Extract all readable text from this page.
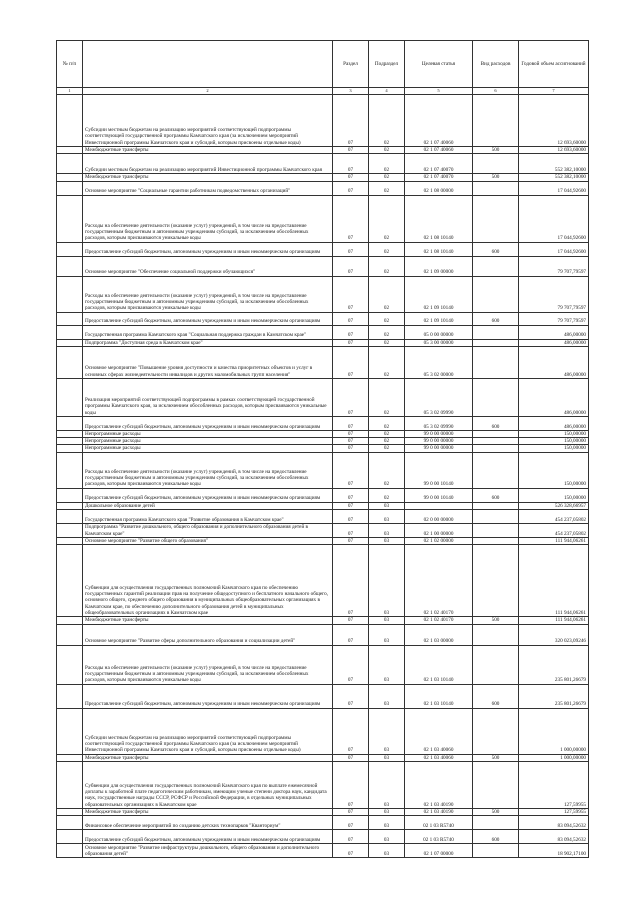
№ п/п		Раздел	Подраздел	Целевая статья	Вид расходов	Годовой объем ассигнований
1	2	3	4	5	6	7
	Субсидии местным бюджетам на реализацию мероприятий соответствующей подпрограммы соответствующей государственной программы Камчатского края (за исключением мероприятий Инвестиционной программы Камчатского края и субсидий, которым присвоены отдельные коды)	07	02	02 1 07 40060		12 693,60000
	Межбюджетные трансферты	07	02	02 1 07 40060	500	12 693,60000
	Субсидии местным бюджетам на реализацию мероприятий Инвестиционной программы Камчатского края	07	02	02 1 07 40070		552 382,10000
	Межбюджетные трансферты	07	02	02 1 07 40070	500	552 382,10000
	Основное мероприятие "Социальные гарантии работникам подведомственных организаций"	07	02	02 1 08 00000		17 044,92600
	Расходы на обеспечение деятельности (оказание услуг) учреждений, в том числе на предоставление государственным бюджетным и автономным учреждениям субсидий, за исключением обособленных расходов, которым присваиваются уникальные коды	07	02	02 1 08 10140		17 044,92600
	Предоставление субсидий бюджетным, автономным учреждениям и иным некоммерческим организациям	07	02	02 1 08 10140	600	17 044,92600
	Основное мероприятие "Обеспечение социальной поддержки обучающихся"	07	02	02 1 09 00000		79 707,79597
	Расходы на обеспечение деятельности (оказание услуг) учреждений, в том числе на предоставление государственным бюджетным и автономным учреждениям субсидий, за исключением обособленных расходов, которым присваиваются уникальные коды	07	02	02 1 09 10140		79 707,79597
	Предоставление субсидий бюджетным, автономным учреждениям и иным некоммерческим организациям	07	02	02 1 09 10140	600	79 707,79597
	Государственная программа Камчатского края "Социальная поддержка граждан в Камчатском крае"	07	02	05 0 00 00000		486,00000
	Подпрограмма "Доступная среда в Камчатском крае"	07	02	05 3 00 00000		486,00000
	Основное мероприятие "Повышение уровня доступности и качества приоритетных объектов и услуг в основных сферах жизнедеятельности инвалидов и других маломобильных групп населения"	07	02	05 3 02 00000		486,00000
	Реализация мероприятий соответствующей подпрограммы в рамках соответствующей государственной программы Камчатского края, за исключением обособленных расходов, которым присваиваются уникальные коды	07	02	05 3 02 09990		486,00000
	Предоставление субсидий бюджетным, автономным учреждениям и иным некоммерческим организациям	07	02	05 3 02 09990	600	486,00000
	Непрограммные расходы	07	02	99 0 00 00000		150,00000
	Непрограммные расходы	07	02	99 0 00 00000		150,00000
	Непрограммные расходы	07	02	99 0 00 00000		150,00000
	Расходы на обеспечение деятельности (оказание услуг) учреждений, в том числе на предоставление государственным бюджетным и автономным учреждениям субсидий, за исключением обособленных расходов, которым присваиваются уникальные коды	07	02	99 0 00 10140		150,00000
	Предоставление субсидий бюджетным, автономным учреждениям и иным некоммерческим организациям	07	02	99 0 00 10140	600	150,00000
	Дошкольное образование детей	07	03			526 328,66957
	Государственная программа Камчатского края "Развитие образования в Камчатском крае"	07	03	02 0 00 00000		454 237,05802
	Подпрограмма "Развитие дошкольного, общего образования и дополнительного образования детей в Камчатском крае"	07	03	02 1 00 00000		454 237,05802
	Основное мероприятие "Развитие общего образования"	07	03	02 1 02 00000		111 944,06261
	Субвенции для осуществления государственных полномочий Камчатского края по обеспечению государственных гарантий реализации прав на получение общедоступного и бесплатного начального общего, основного общего, среднего общего образования в муниципальных общеобразовательных организациях в Камчатском крае, по обеспечению дополнительного образования детей в муниципальных общеобразовательных организациях в Камчатском крае	07	03	02 1 02 40170		111 944,06261
	Межбюджетные трансферты	07	03	02 1 02 40170	500	111 944,06261
	Основное мероприятие "Развитие сферы дополнительного образования и социализации детей"	07	03	02 1 03 00000		320 023,09246
	Расходы на обеспечение деятельности (оказание услуг) учреждений, в том числе на предоставление государственным бюджетным и автономным учреждениям субсидий, за исключением обособленных расходов, которым присваиваются уникальные коды	07	03	02 1 03 10140		235 801,26679
	Предоставление субсидий бюджетным, автономным учреждениям и иным некоммерческим организациям	07	03	02 1 03 10140	600	235 801,26679
	Субсидии местным бюджетам на реализацию мероприятий соответствующей подпрограммы соответствующей государственной программы Камчатского края (за исключением мероприятий Инвестиционной программы Камчатского края и субсидий, которым присвоены отдельные коды)	07	03	02 1 03 40060		1 000,00000
	Межбюджетные трансферты	07	03	02 1 03 40060	500	1 000,00000
	Субвенции для осуществления государственных полномочий Камчатского края по выплате ежемесячной доплаты к заработной плате педагогическим работникам, имеющим ученые степени доктора наук, кандидата наук, государственные награды СССР, РСФСР и Российской Федерации, в отдельных муниципальных образовательных организациях в Камчатском крае	07	03	02 1 03 40190		127,59955
	Межбюджетные трансферты	07	03	02 1 03 40190	500	127,59955
	Финансовое обеспечение мероприятий по созданию детских технопарков "Кванториум"	07	03	02 1 03 R5740		83 094,52632
	Предоставление субсидий бюджетным, автономным учреждениям и иным некоммерческим организациям	07	03	02 1 03 R5740	600	83 094,52632
	Основное мероприятие "Развитие инфраструктуры дошкольного, общего образования и дополнительного образования детей"	07	03	02 1 07 00000		18 902,17100
